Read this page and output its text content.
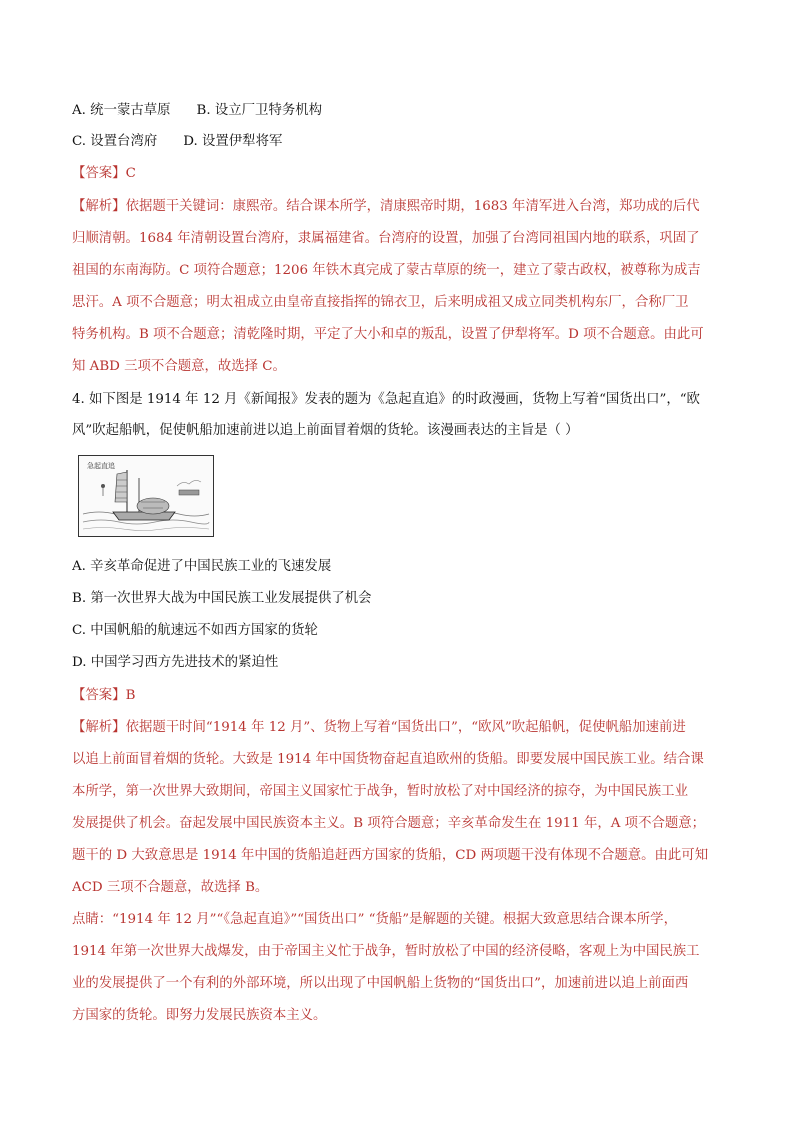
A. 统一蒙古草原 B. 设立厂卫特务机构
C. 设置台湾府 D. 设置伊犁将军
【答案】C
【解析】依据题干关键词：康熙帝。结合课本所学，清康熙帝时期，1683 年清军进入台湾，郑功成的后代
归顺清朝。1684 年清朝设置台湾府，隶属福建省。台湾府的设置，加强了台湾同祖国内地的联系，巩固了
祖国的东南海防。C 项符合题意；1206 年铁木真完成了蒙古草原的统一，建立了蒙古政权，被尊称为成吉
思汗。A 项不合题意；明太祖成立由皇帝直接指挥的锦衣卫，后来明成祖又成立同类机构东厂，合称厂卫
特务机构。B 项不合题意；清乾隆时期，平定了大小和卓的叛乱，设置了伊犁将军。D 项不合题意。由此可
知 ABD 三项不合题意，故选择 C。
4. 如下图是 1914 年 12 月《新闻报》发表的题为《急起直追》的时政漫画，货物上写着“国货出口”，“欧
风”吹起船帆，促使帆船加速前进以追上前面冒着烟的货轮。该漫画表达的主旨是（ ）
急起直追
A. 辛亥革命促进了中国民族工业的飞速发展
B. 第一次世界大战为中国民族工业发展提供了机会
C. 中国帆船的航速远不如西方国家的货轮
D. 中国学习西方先进技术的紧迫性
【答案】B
【解析】依据题干时间“1914 年 12 月”、货物上写着“国货出口”，“欧风”吹起船帆，促使帆船加速前进
以追上前面冒着烟的货轮。大致是 1914 年中国货物奋起直追欧州的货船。即要发展中国民族工业。结合课
本所学，第一次世界大致期间，帝国主义国家忙于战争，暂时放松了对中国经济的掠夺，为中国民族工业
发展提供了机会。奋起发展中国民族资本主义。B 项符合题意；辛亥革命发生在 1911 年，A 项不合题意；
题干的 D 大致意思是 1914 年中国的货船追赶西方国家的货船，CD 两项题干没有体现不合题意。由此可知
ACD 三项不合题意，故选择 B。
点睛：“1914 年 12 月”“《急起直追》”“国货出口” “货船”是解题的关键。根据大致意思结合课本所学，
1914 年第一次世界大战爆发，由于帝国主义忙于战争，暂时放松了中国的经济侵略，客观上为中国民族工
业的发展提供了一个有利的外部环境，所以出现了中国帆船上货物的“国货出口”，加速前进以追上前面西
方国家的货轮。即努力发展民族资本主义。
